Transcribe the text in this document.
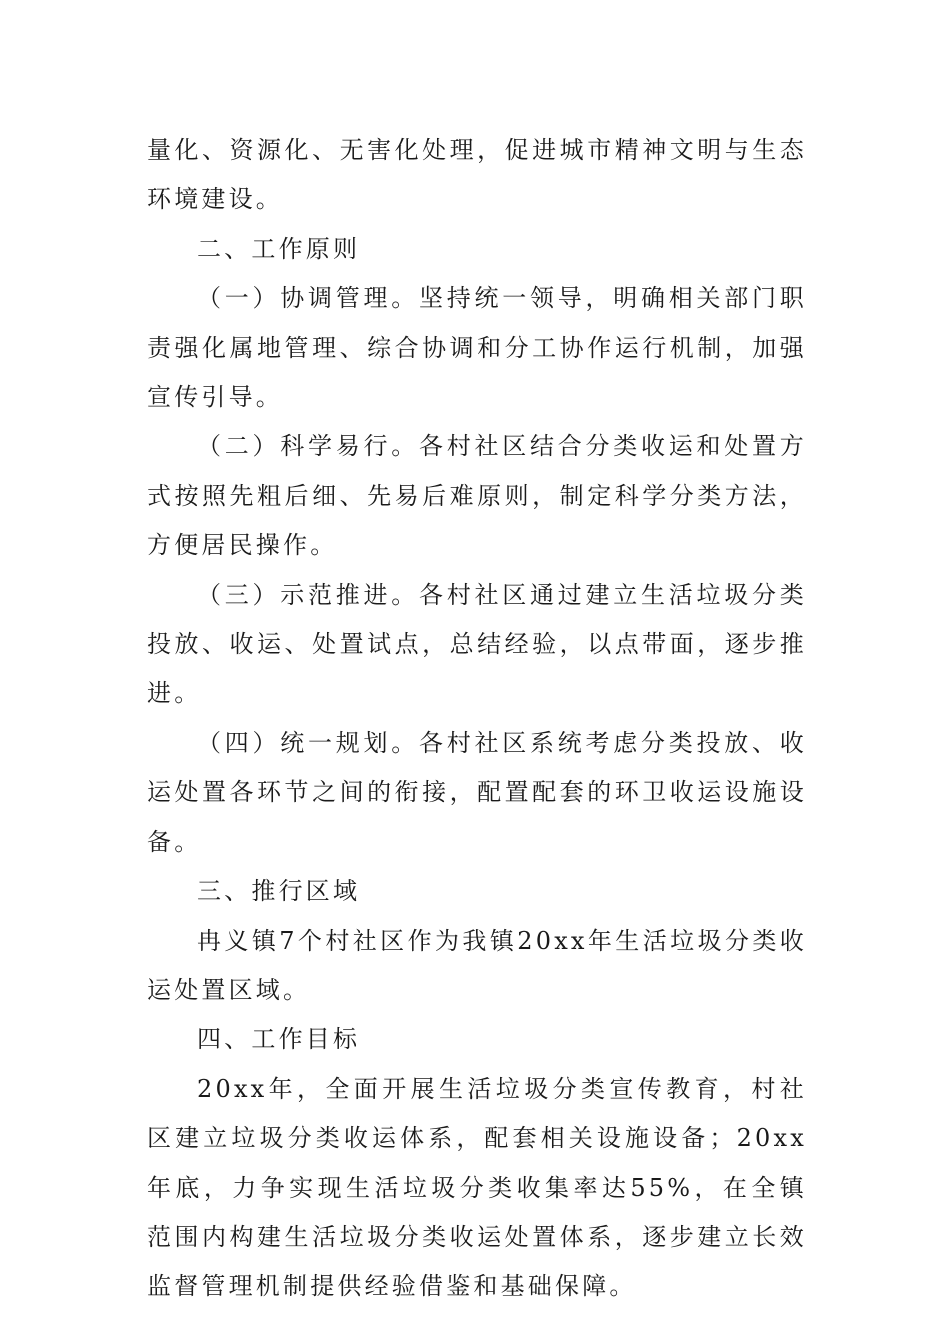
量化、资源化、无害化处理，促进城市精神文明与生态环境建设。

二、工作原则

（一）协调管理。坚持统一领导，明确相关部门职责强化属地管理、综合协调和分工协作运行机制，加强宣传引导。

（二）科学易行。各村社区结合分类收运和处置方式按照先粗后细、先易后难原则，制定科学分类方法，方便居民操作。

（三）示范推进。各村社区通过建立生活垃圾分类投放、收运、处置试点，总结经验，以点带面，逐步推进。

（四）统一规划。各村社区系统考虑分类投放、收运处置各环节之间的衔接，配置配套的环卫收运设施设备。

三、推行区域

冉义镇7个村社区作为我镇20xx年生活垃圾分类收运处置区域。

四、工作目标

20xx年，全面开展生活垃圾分类宣传教育，村社区建立垃圾分类收运体系，配套相关设施设备；20xx年底，力争实现生活垃圾分类收集率达55%，在全镇范围内构建生活垃圾分类收运处置体系，逐步建立长效监督管理机制提供经验借鉴和基础保障。
